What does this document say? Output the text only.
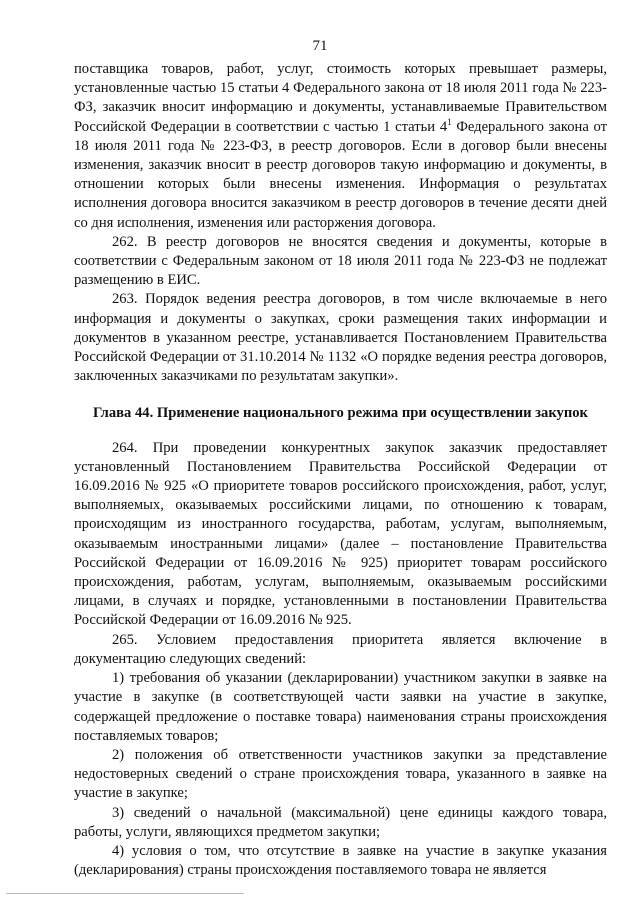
71

поставщика товаров, работ, услуг, стоимость которых превышает размеры, установленные частью 15 статьи 4 Федерального закона от 18 июля 2011 года № 223-ФЗ, заказчик вносит информацию и документы, устанавливаемые Правительством Российской Федерации в соответствии с частью 1 статьи $4^1$ Федерального закона от 18 июля 2011 года № 223-ФЗ, в реестр договоров. Если в договор были внесены изменения, заказчик вносит в реестр договоров такую информацию и документы, в отношении которых были внесены изменения. Информация о результатах исполнения договора вносится заказчиком в реестр договоров в течение десяти дней со дня исполнения, изменения или расторжения договора.

262. В реестр договоров не вносятся сведения и документы, которые в соответствии с Федеральным законом от 18 июля 2011 года № 223-ФЗ не подлежат размещению в ЕИС.

263. Порядок ведения реестра договоров, в том числе включаемые в него информация и документы о закупках, сроки размещения таких информации и документов в указанном реестре, устанавливается Постановлением Правительства Российской Федерации от 31.10.2014 № 1132 «О порядке ведения реестра договоров, заключенных заказчиками по результатам закупки».

Глава 44. Применение национального режима при осуществлении закупок

264. При проведении конкурентных закупок заказчик предоставляет установленный Постановлением Правительства Российской Федерации от 16.09.2016 № 925 «О приоритете товаров российского происхождения, работ, услуг, выполняемых, оказываемых российскими лицами, по отношению к товарам, происходящим из иностранного государства, работам, услугам, выполняемым, оказываемым иностранными лицами» (далее – постановление Правительства Российской Федерации от 16.09.2016 № 925) приоритет товарам российского происхождения, работам, услугам, выполняемым, оказываемым российскими лицами, в случаях и порядке, установленными в постановлении Правительства Российской Федерации от 16.09.2016 № 925.

265. Условием предоставления приоритета является включение в документацию следующих сведений:

1) требования об указании (декларировании) участником закупки в заявке на участие в закупке (в соответствующей части заявки на участие в закупке, содержащей предложение о поставке товара) наименования страны происхождения поставляемых товаров;

2) положения об ответственности участников закупки за представление недостоверных сведений о стране происхождения товара, указанного в заявке на участие в закупке;

3) сведений о начальной (максимальной) цене единицы каждого товара, работы, услуги, являющихся предметом закупки;

4) условия о том, что отсутствие в заявке на участие в закупке указания (декларирования) страны происхождения поставляемого товара не является
